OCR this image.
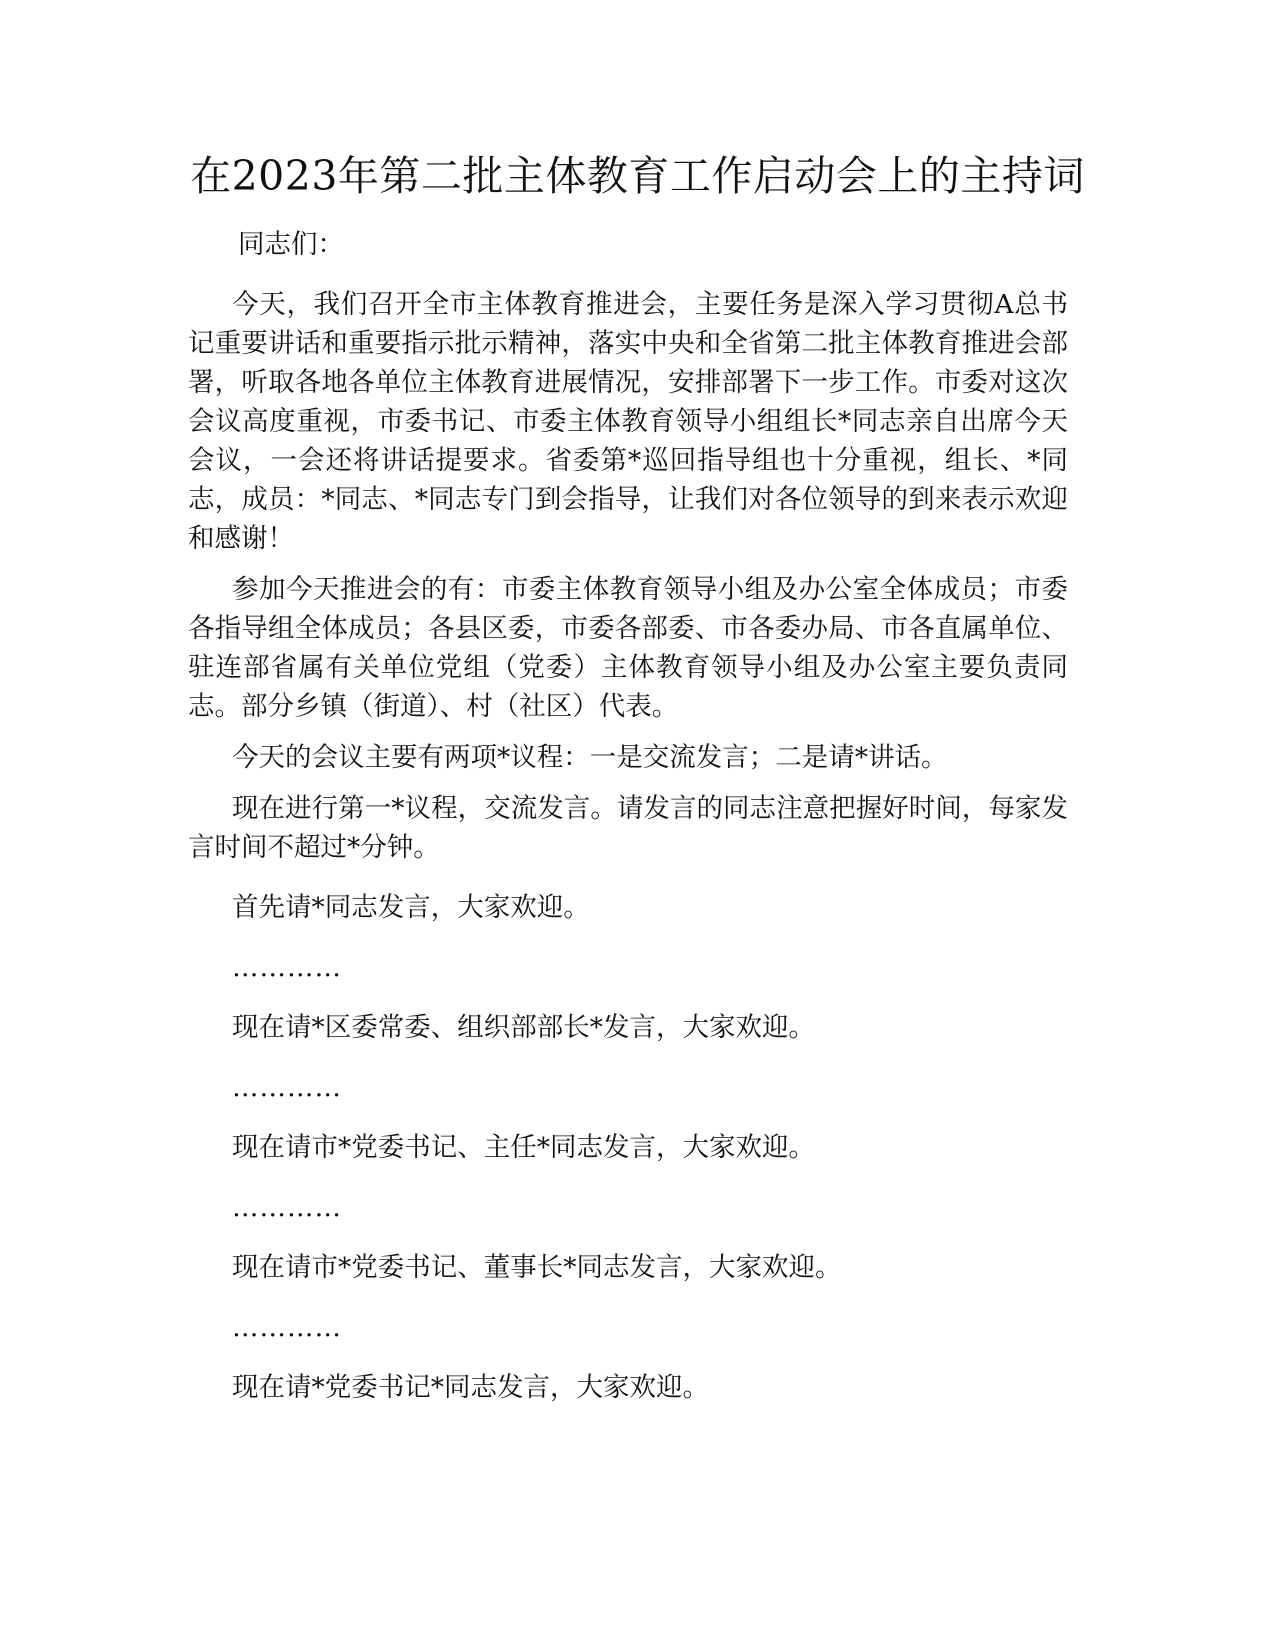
在2023年第二批主体教育工作启动会上的主持词

同志们：

今天，我们召开全市主体教育推进会，主要任务是深入学习贯彻A总书记重要讲话和重要指示批示精神，落实中央和全省第二批主体教育推进会部署，听取各地各单位主体教育进展情况，安排部署下一步工作。市委对这次会议高度重视，市委书记、市委主体教育领导小组组长*同志亲自出席今天会议，一会还将讲话提要求。省委第*巡回指导组也十分重视，组长、*同志，成员：*同志、*同志专门到会指导，让我们对各位领导的到来表示欢迎和感谢！

参加今天推进会的有：市委主体教育领导小组及办公室全体成员；市委各指导组全体成员；各县区委，市委各部委、市各委办局、市各直属单位、驻连部省属有关单位党组（党委）主体教育领导小组及办公室主要负责同志。部分乡镇（街道）、村（社区）代表。

今天的会议主要有两项*议程：一是交流发言；二是请*讲话。

现在进行第一*议程，交流发言。请发言的同志注意把握好时间，每家发言时间不超过*分钟。

首先请*同志发言，大家欢迎。

…………

现在请*区委常委、组织部部长*发言，大家欢迎。

…………

现在请市*党委书记、主任*同志发言，大家欢迎。

…………

现在请市*党委书记、董事长*同志发言，大家欢迎。

…………

现在请*党委书记*同志发言，大家欢迎。
